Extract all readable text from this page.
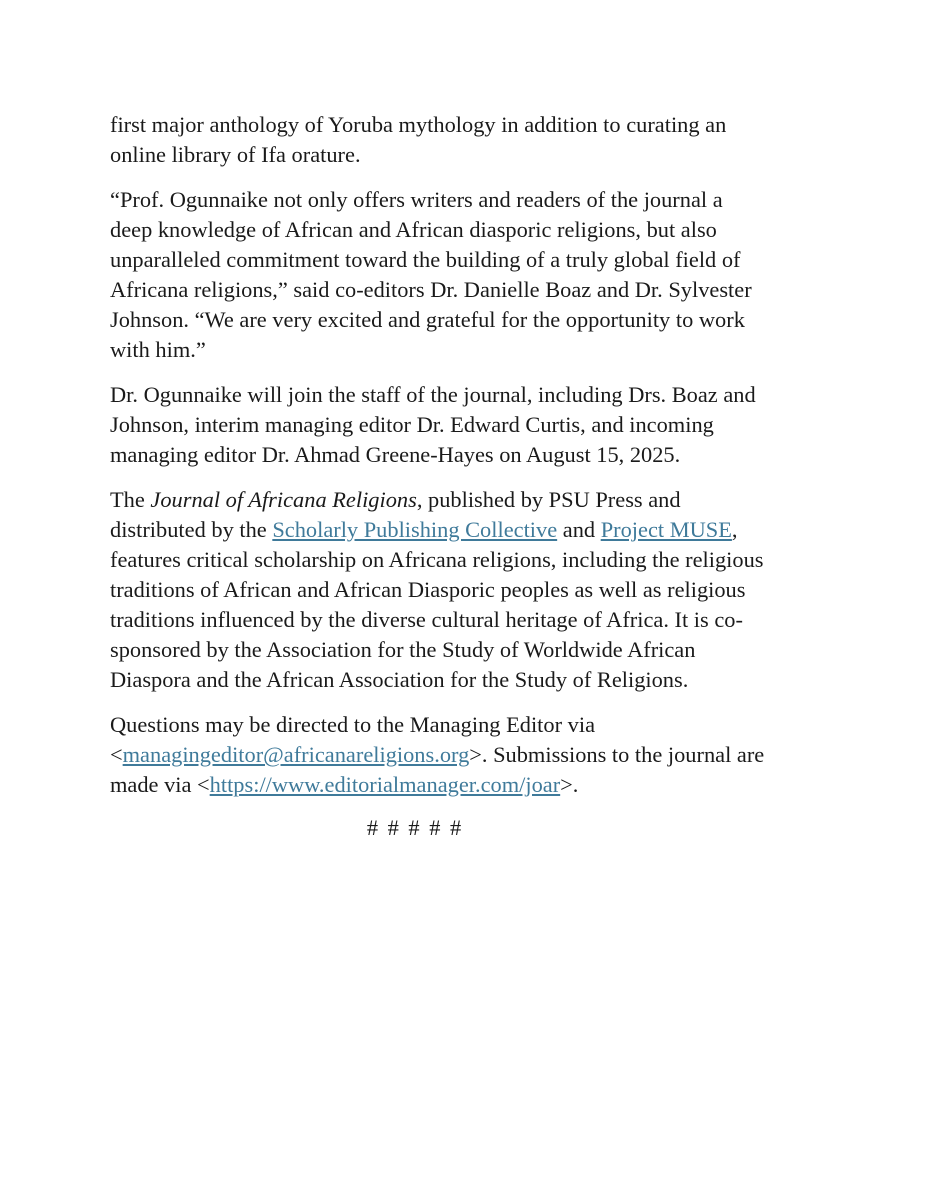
first major anthology of Yoruba mythology in addition to curating an
online library of Ifa orature.

“Prof. Ogunnaike not only offers writers and readers of the journal a
deep knowledge of African and African diasporic religions, but also
unparalleled commitment toward the building of a truly global field of
Africana religions,” said co-editors Dr. Danielle Boaz and Dr. Sylvester
Johnson. “We are very excited and grateful for the opportunity to work
with him.”

Dr. Ogunnaike will join the staff of the journal, including Drs. Boaz and
Johnson, interim managing editor Dr. Edward Curtis, and incoming
managing editor Dr. Ahmad Greene-Hayes on August 15, 2025.

The Journal of Africana Religions, published by PSU Press and
distributed by the Scholarly Publishing Collective and Project MUSE,
features critical scholarship on Africana religions, including the religious
traditions of African and African Diasporic peoples as well as religious
traditions influenced by the diverse cultural heritage of Africa. It is co-
sponsored by the Association for the Study of Worldwide African
Diaspora and the African Association for the Study of Religions.

Questions may be directed to the Managing Editor via
<managingeditor@africanareligions.org>. Submissions to the journal are
made via <https://www.editorialmanager.com/joar>.

# # # # #
